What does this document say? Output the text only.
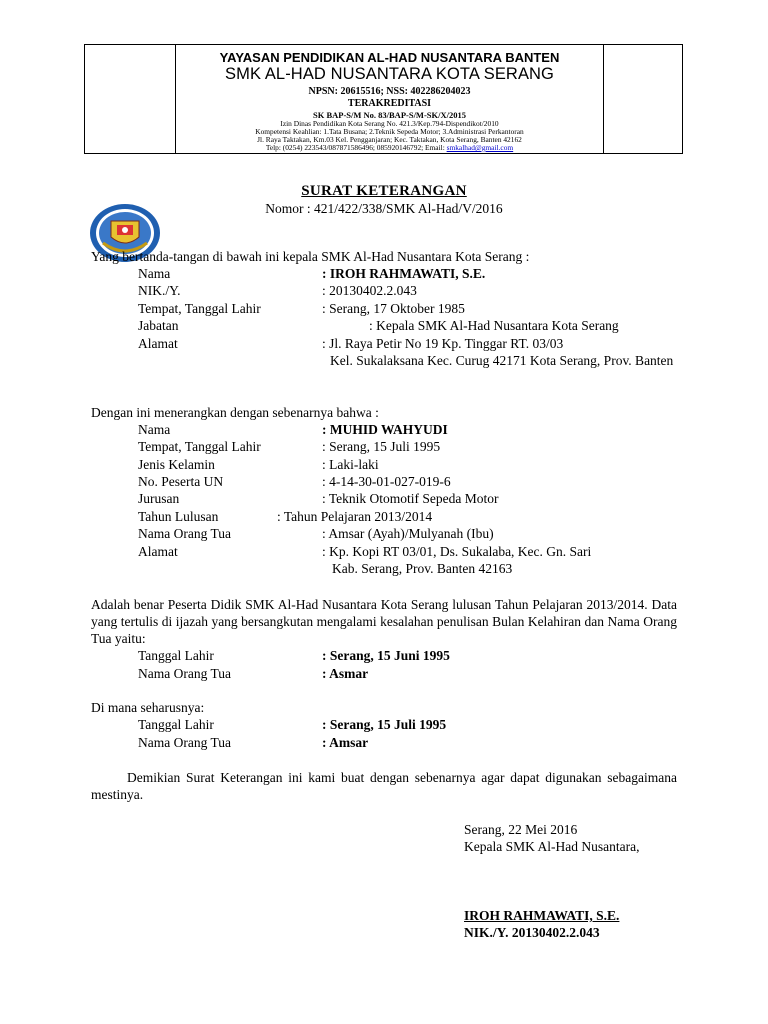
YAYASAN PENDIDIKAN AL-HAD NUSANTARA BANTEN
SMK AL-HAD NUSANTARA KOTA SERANG
NPSN: 20615516; NSS: 402286204023
TERAKREDITASI
SK BAP-S/M No. 83/BAP-S/M-SK/X/2015
Izin Dinas Pendidikan Kota Serang No. 421.3/Kep.794-Dispendikot/2010
Kompetensi Keahlian: 1.Tata Busana; 2.Teknik Sepeda Motor; 3.Administrasi Perkantoran
Jl. Raya Taktakan, Km.03 Kel. Pengganjaran; Kec. Taktakan, Kota Serang, Banten 42162
Telp: (0254) 223543/087871586496; 085920146792; Email: smkalhad@gmail.com
SURAT KETERANGAN
Nomor : 421/422/338/SMK Al-Had/V/2016
Yang bertanda-tangan di bawah ini kepala SMK Al-Had Nusantara Kota Serang :
Nama	: IROH RAHMAWATI, S.E.
NIK./Y.	: 20130402.2.043
Tempat, Tanggal Lahir	: Serang, 17 Oktober 1985
Jabatan	: Kepala SMK Al-Had Nusantara Kota Serang
Alamat	: Jl. Raya Petir No 19 Kp. Tinggar RT. 03/03
Kel. Sukalaksana Kec. Curug 42171 Kota Serang, Prov. Banten
Dengan ini menerangkan dengan sebenarnya bahwa :
Nama	: MUHID WAHYUDI
Tempat, Tanggal Lahir	: Serang, 15 Juli 1995
Jenis Kelamin	: Laki-laki
No. Peserta UN	: 4-14-30-01-027-019-6
Jurusan	: Teknik Otomotif Sepeda Motor
Tahun Lulusan	: Tahun Pelajaran 2013/2014
Nama Orang Tua	: Amsar (Ayah)/Mulyanah (Ibu)
Alamat	: Kp. Kopi RT 03/01, Ds. Sukalaba, Kec. Gn. Sari
Kab. Serang, Prov. Banten 42163
Adalah benar Peserta Didik SMK Al-Had Nusantara Kota Serang lulusan Tahun Pelajaran 2013/2014. Data yang tertulis di ijazah yang bersangkutan mengalami kesalahan penulisan Bulan Kelahiran dan Nama Orang Tua yaitu:
Tanggal Lahir	: Serang, 15 Juni 1995
Nama Orang Tua	: Asmar
Di mana seharusnya:
Tanggal Lahir	: Serang, 15 Juli 1995
Nama Orang Tua	: Amsar
Demikian Surat Keterangan ini kami buat dengan sebenarnya agar dapat digunakan sebagaimana mestinya.
Serang, 22 Mei 2016
Kepala SMK Al-Had Nusantara,
IROH RAHMAWATI, S.E.
NIK./Y. 20130402.2.043
